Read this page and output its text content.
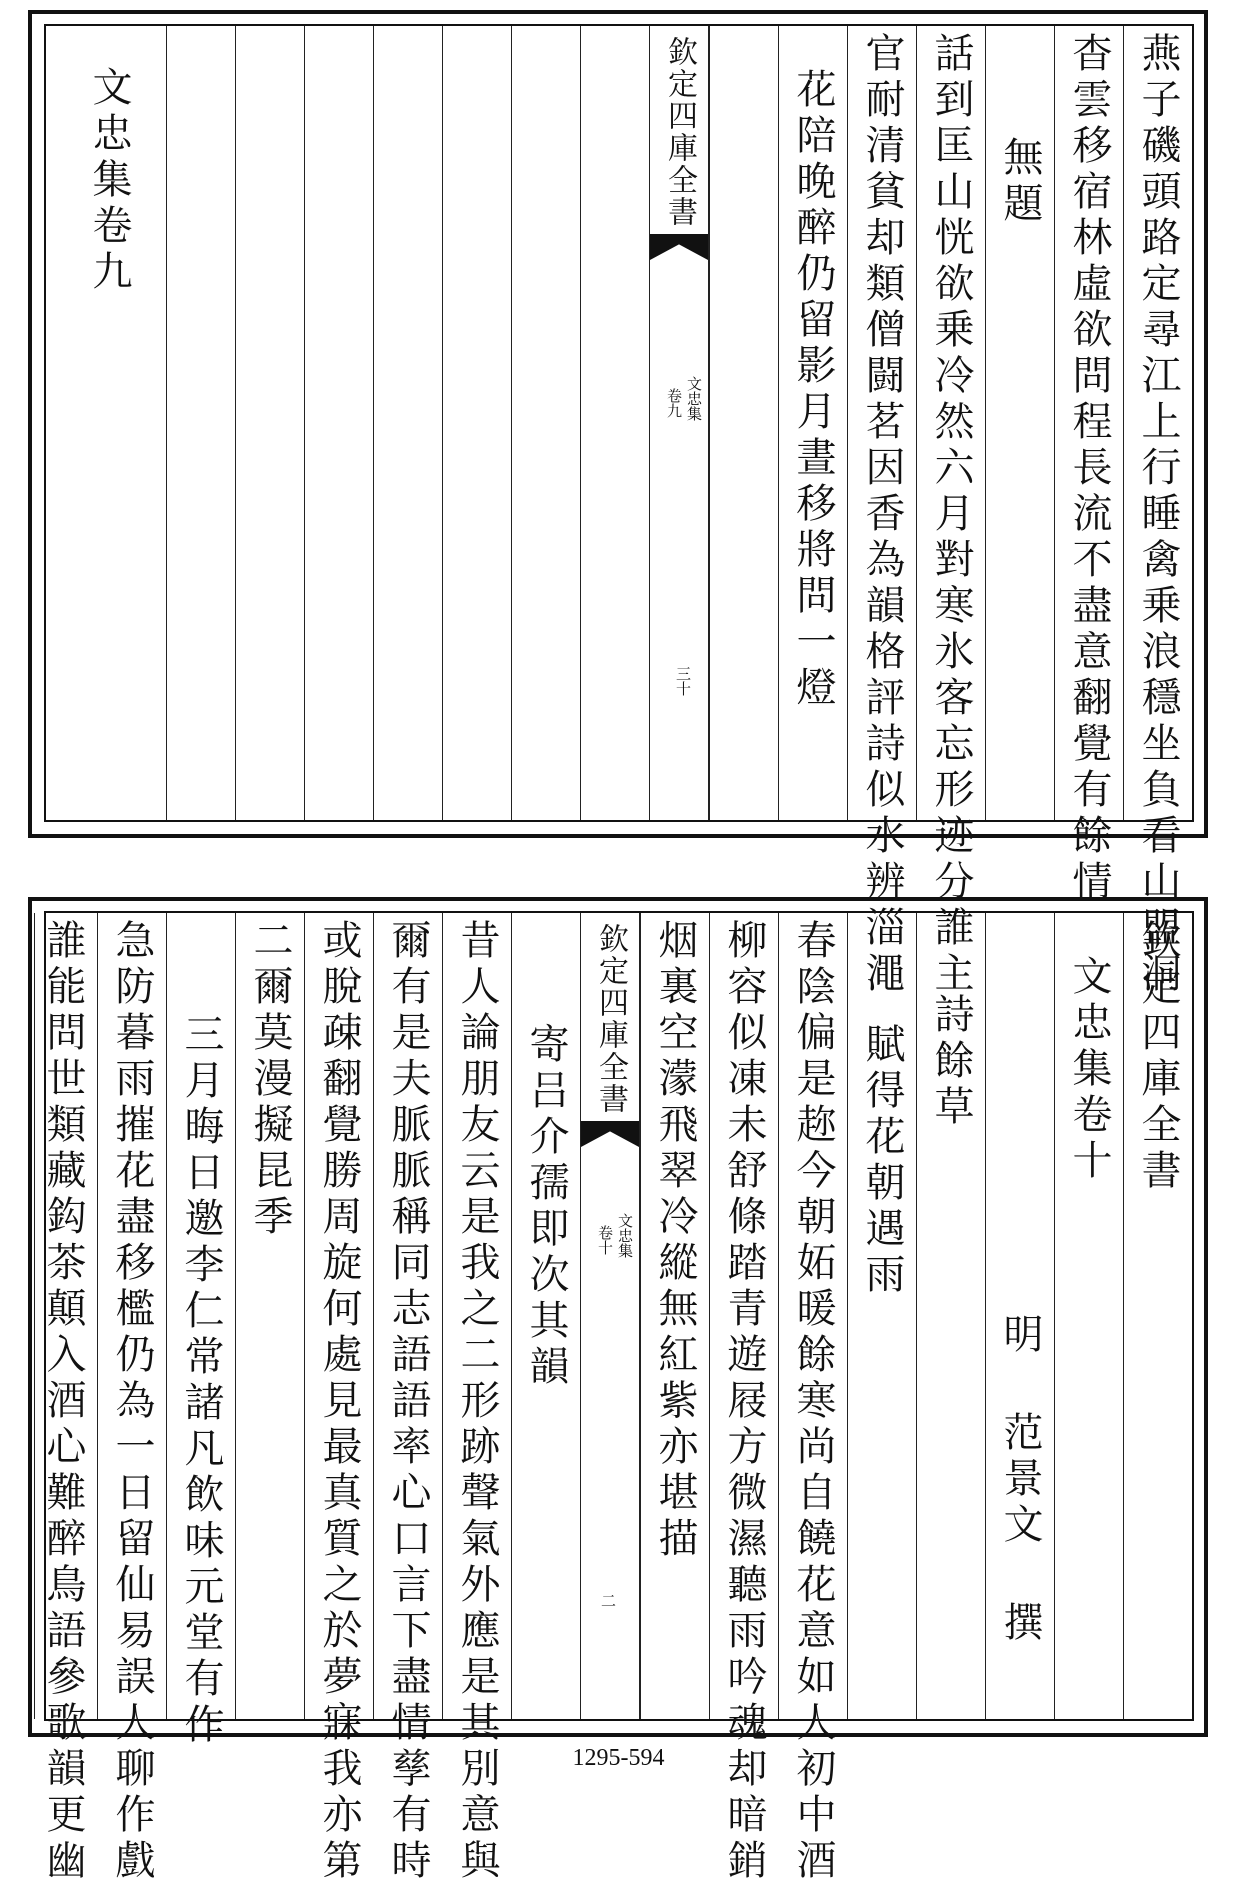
燕子磯頭路定尋江上行睡禽乗浪穩坐負看山盟洞
杳雲移宿林虛欲問程長流不盡意翻覺有餘情
無題
話到匡山恍欲乗冷然六月對寒氷客忘形迹分誰主
官耐清貧却類僧闘茗因香為韻格評詩似水辨淄澠
花陪晚醉仍留影月晝移將問一燈
欽定四庫全書
文忠集
卷九
三十
文忠集卷九
欽定四庫全書
文忠集卷十
明 范景文 撰
詩餘草
賦得花朝遇雨
春陰偏是趂今朝妬暖餘寒尚自饒花意如人初中酒
柳容似凍未舒條踏青遊屐方微濕聽雨吟魂却暗銷
烟裏空濛飛翠冷縱無紅紫亦堪描
欽定四庫全書
文忠集
卷十
二
寄吕介孺即次其韻
昔人論朋友云是我之二形跡聲氣外應是其別意與
爾有是夫脈脈稱同志語語率心口言下盡情孳有時
或脫疎翻覺勝周旋何處見最真質之於夢寐我亦第
二爾莫漫擬昆季
三月晦日邀李仁常諸凡飲味元堂有作
急防暮雨摧花盡移檻仍為一日留仙易誤人聊作戲
誰能問世類藏鈎茶顛入酒心難醉鳥語參歌韻更幽	1295-594
